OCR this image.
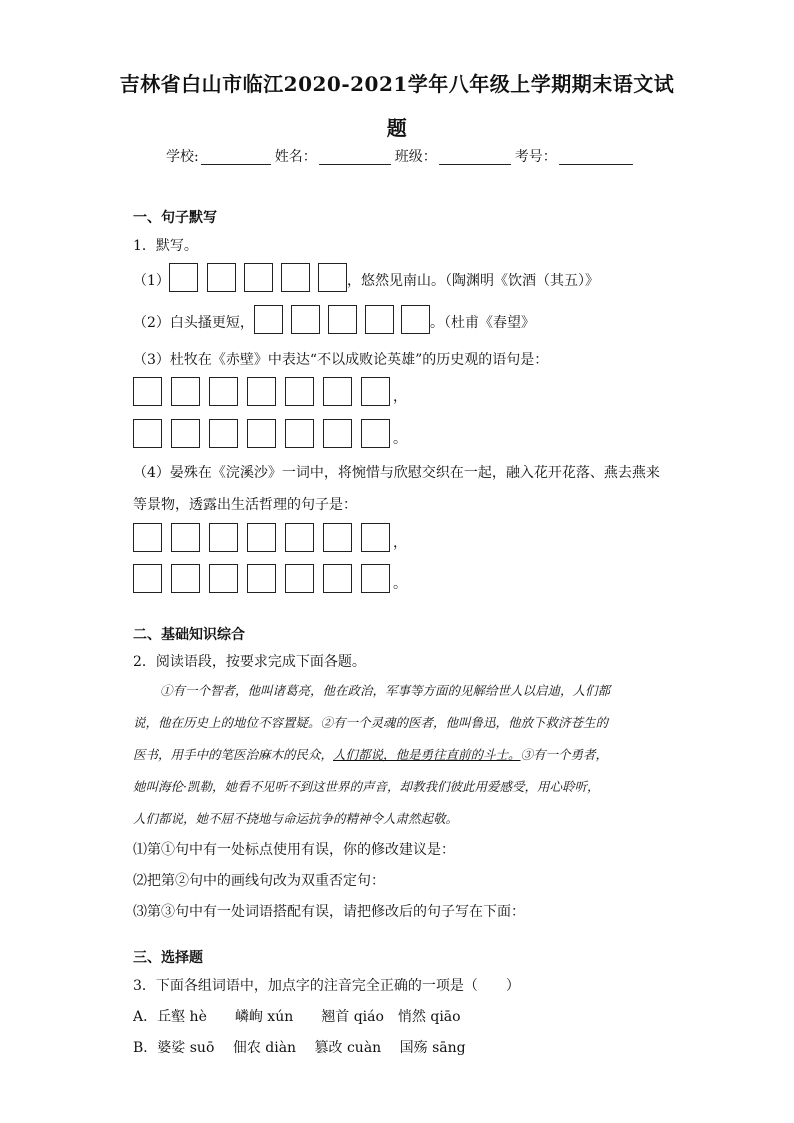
吉林省白山市临江2020-2021学年八年级上学期期末语文试
题
学校:	姓名：	班级：	考号：
一、句子默写
1．默写。
（1）	，悠然见南山。（陶渊明《饮酒（其五）》
（2）白头搔更短，	。（杜甫《春望》
（3）杜牧在《赤壁》中表达“不以成败论英雄”的历史观的语句是：
，
。
（4）晏殊在《浣溪沙》一词中，将惋惜与欣慰交织在一起，融入花开花落、燕去燕来
等景物，透露出生活哲理的句子是：
，
。
二、基础知识综合
2．阅读语段，按要求完成下面各题。
①有一个智者，他叫诸葛亮，他在政治，军事等方面的见解给世人以启迪，人们都
说，他在历史上的地位不容置疑。②有一个灵魂的医者，他叫鲁迅，他放下救济苍生的
医书，用手中的笔医治麻木的民众，人们都说，他是勇往直前的斗士。③有一个勇者，
她叫海伦·凯勒，她看不见听不到这世界的声音，却教我们彼此用爱感受，用心聆听，
人们都说，她不屈不挠地与命运抗争的精神令人肃然起敬。
⑴第①句中有一处标点使用有误，你的修改建议是：
⑵把第②句中的画线句改为双重否定句：
⑶第③句中有一处词语搭配有误，请把修改后的句子写在下面：
三、选择题
3．下面各组词语中，加点字的注音完全正确的一项是（　　）
A．丘壑 hè　　嶙峋 xún　　翘首 qiáo　悄然 qiāo
B．婆娑 suō　 佃农 diàn　 篡改 cuàn　 国殇 sāng
